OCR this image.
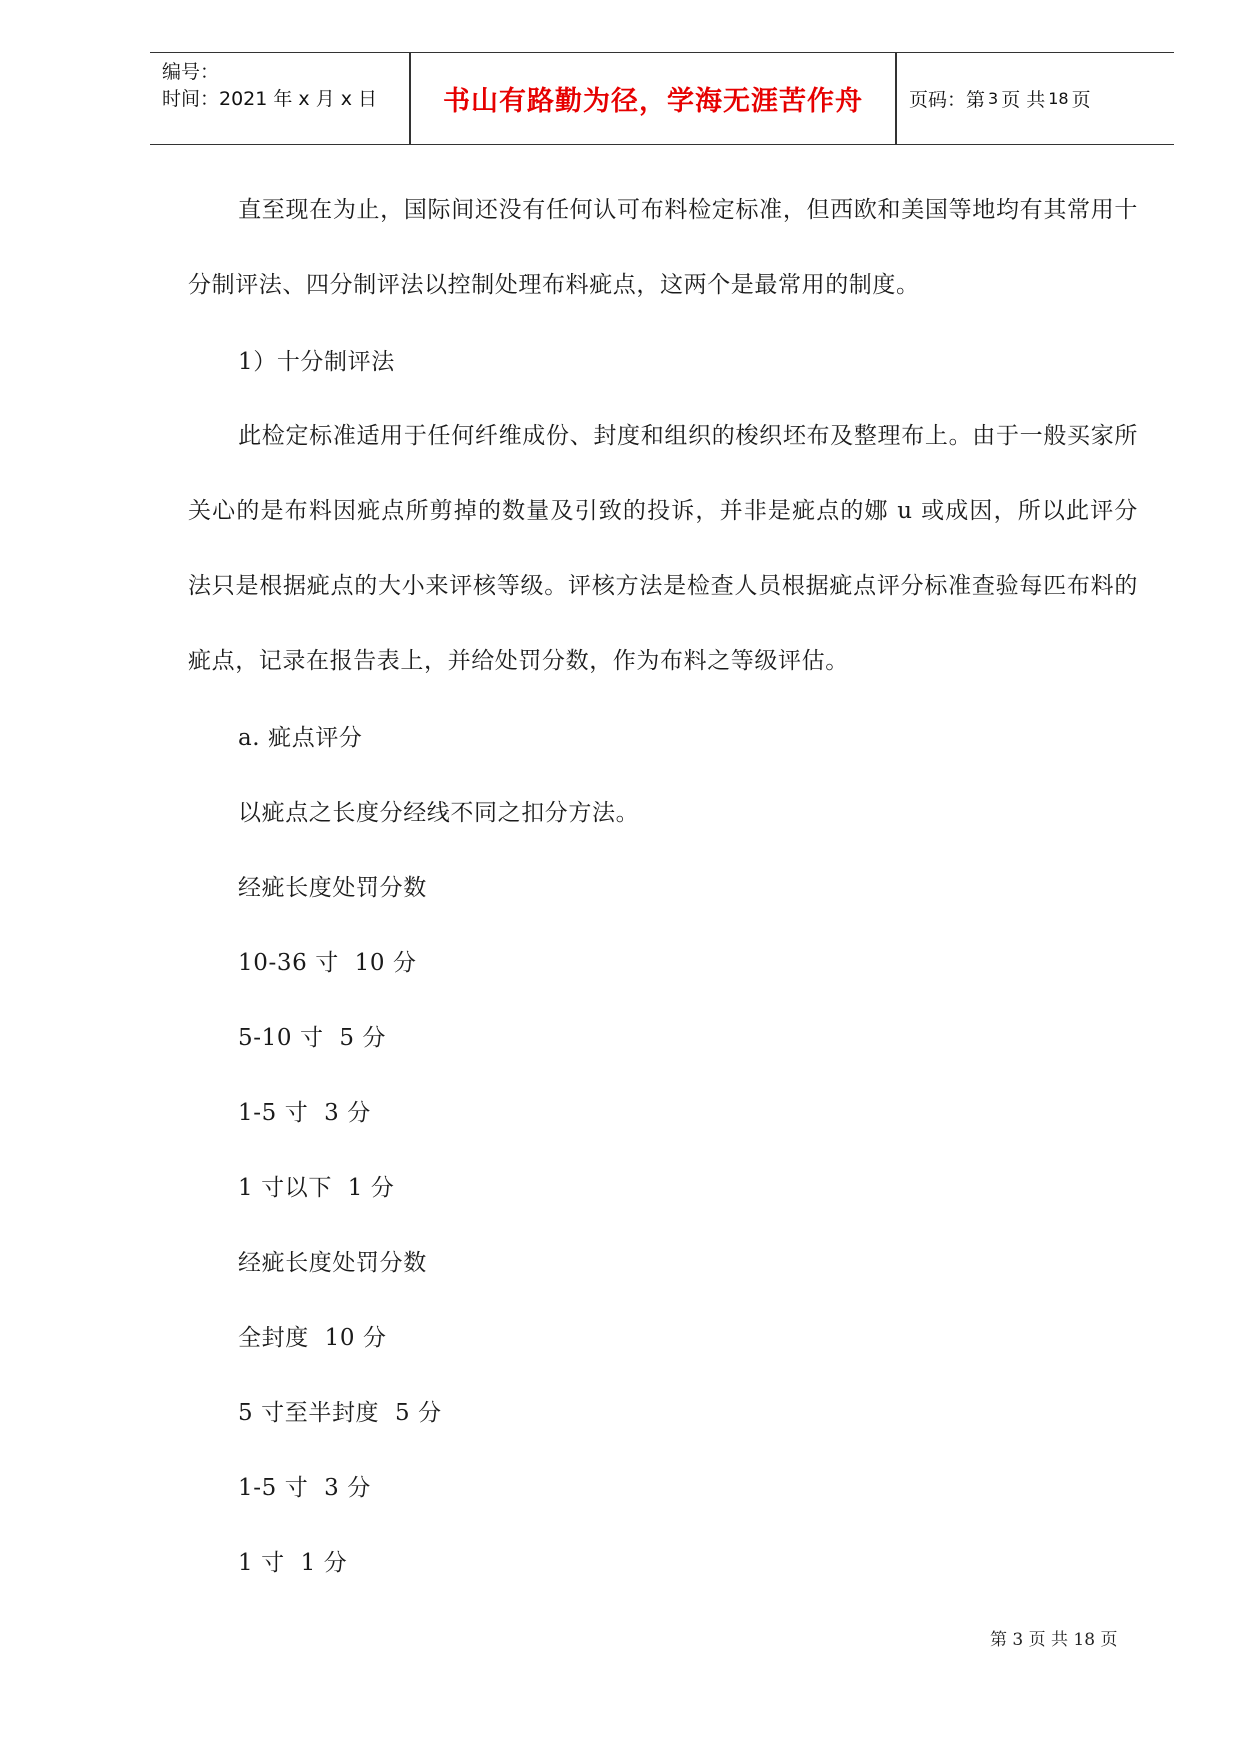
编号：
时间：2021 年 x 月 x 日 书山有路勤为径，学海无涯苦作舟 页码：第 3 页 共 18 页
直至现在为止，国际间还没有任何认可布料检定标准，但西欧和美国等地均有其常用十分制评法、四分制评法以控制处理布料疵点，这两个是最常用的制度。
1）十分制评法
此检定标准适用于任何纤维成份、封度和组织的梭织坯布及整理布上。由于一般买家所关心的是布料因疵点所剪掉的数量及引致的投诉，并非是疵点的娜 u 或成因，所以此评分法只是根据疵点的大小来评核等级。评核方法是检查人员根据疵点评分标准查验每匹布料的疵点，记录在报告表上，并给处罚分数，作为布料之等级评估。
a. 疵点评分
以疵点之长度分经线不同之扣分方法。
经疵长度处罚分数
10-36 寸  10 分
5-10 寸  5 分
1-5 寸  3 分
1 寸以下  1 分
经疵长度处罚分数
全封度  10 分
5 寸至半封度  5 分
1-5 寸  3 分
1 寸  1 分
第 3 页 共 18 页
